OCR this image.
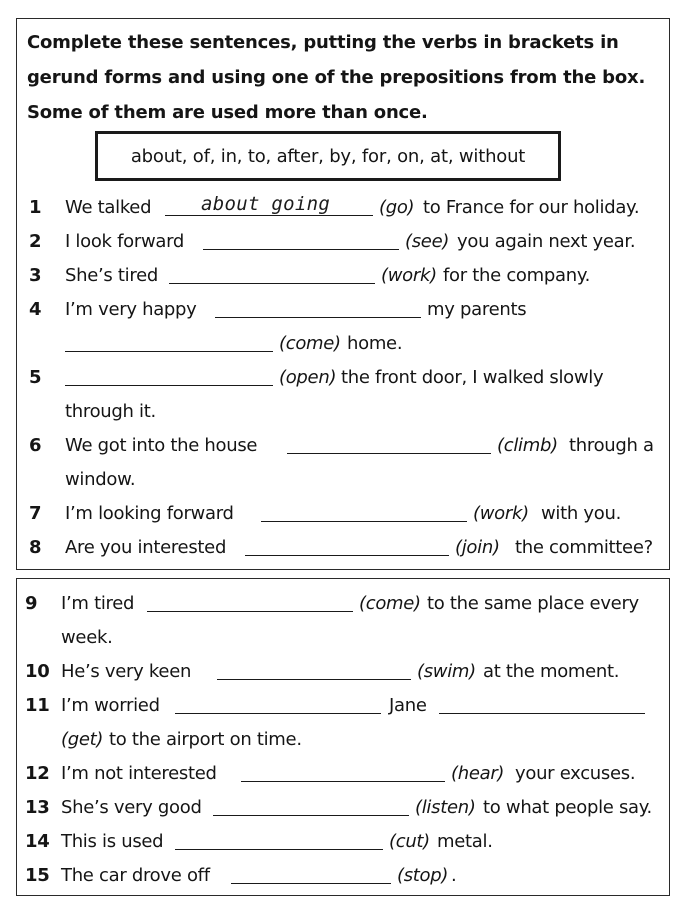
Complete these sentences, putting the verbs in brackets in gerund forms and using one of the prepositions from the box. Some of them are used more than once.
about, of, in, to, after, by, for, on, at, without
1 We talked	about going	(go) to France for our holiday.
2 I look forward	(see) you again next year.
3 She’s tired	(work) for the company.
4 I’m very happy	my parents
(come) home.
5	(open) the front door, I walked slowly
through it.
6 We got into the house	(climb) through a
window.
7 I’m looking forward	(work) with you.
8 Are you interested	(join) the committee?
9 I’m tired	(come) to the same place every
week.
10 He’s very keen	(swim) at the moment.
11 I’m worried	Jane
(get) to the airport on time.
12 I’m not interested	(hear) your excuses.
13 She’s very good	(listen) to what people say.
14 This is used	(cut) metal.
15 The car drove off	(stop) .
